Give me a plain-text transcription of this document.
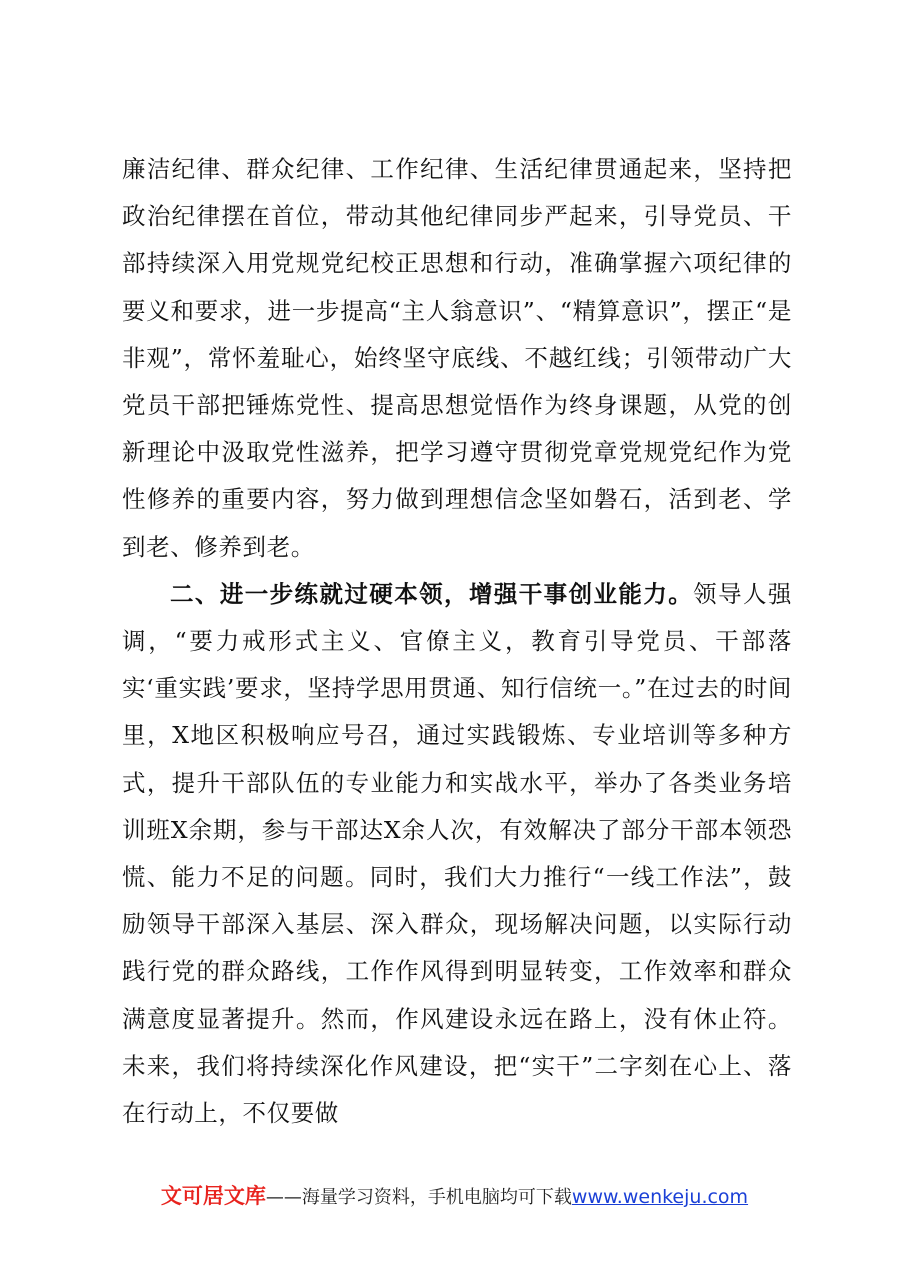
廉洁纪律、群众纪律、工作纪律、生活纪律贯通起来，坚持把政治纪律摆在首位，带动其他纪律同步严起来，引导党员、干部持续深入用党规党纪校正思想和行动，准确掌握六项纪律的要义和要求，进一步提高“主人翁意识”、“精算意识”，摆正“是非观”，常怀羞耻心，始终坚守底线、不越红线；引领带动广大党员干部把锤炼党性、提高思想觉悟作为终身课题，从党的创新理论中汲取党性滋养，把学习遵守贯彻党章党规党纪作为党性修养的重要内容，努力做到理想信念坚如磐石，活到老、学到老、修养到老。

二、进一步练就过硬本领，增强干事创业能力。领导人强调，“要力戒形式主义、官僚主义，教育引导党员、干部落实‘重实践’要求，坚持学思用贯通、知行信统一。”在过去的时间里，X地区积极响应号召，通过实践锻炼、专业培训等多种方式，提升干部队伍的专业能力和实战水平，举办了各类业务培训班X余期，参与干部达X余人次，有效解决了部分干部本领恐慌、能力不足的问题。同时，我们大力推行“一线工作法”，鼓励领导干部深入基层、深入群众，现场解决问题，以实际行动践行党的群众路线，工作作风得到明显转变，工作效率和群众满意度显著提升。然而，作风建设永远在路上，没有休止符。未来，我们将持续深化作风建设，把“实干”二字刻在心上、落在行动上，不仅要做

文可居文库——海量学习资料，手机电脑均可下载www.wenkeju.com
